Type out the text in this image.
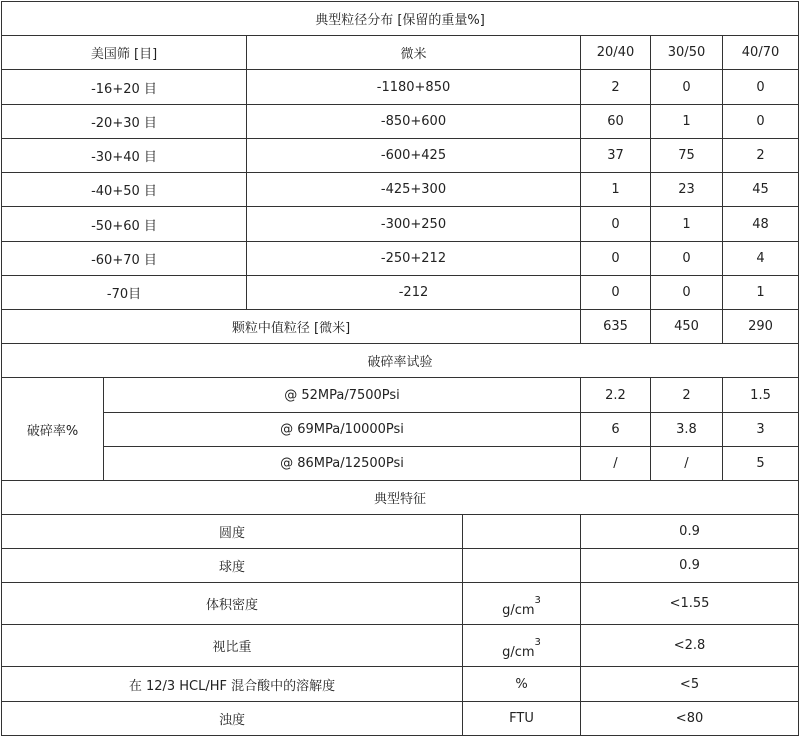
典型粒径分布 [保留的重量%]						
美国筛 [目]		微米		20/40	30/50	40/70
-16+20 目		-1180+850		2	0	0
-20+30 目		-850+600		60	1	0
-30+40 目		-600+425		37	75	2
-40+50 目		-425+300		1	23	45
-50+60 目		-300+250		0	1	48
-60+70 目		-250+212		0	0	4
-70目		-212		0	0	1
颗粒中值粒径 [微米]				635	450	290
破碎率试验						
破碎率%	@ 52MPa/7500Psi			2.2	2	1.5
	@ 69MPa/10000Psi			6	3.8	3
	@ 86MPa/12500Psi			/	/	5
典型特征						
圆度				0.9		
球度				0.9		
体积密度			$g/cm^3$	<1.55		
视比重			$g/cm^3$	<2.8		
在 12/3 HCL/HF 混合酸中的溶解度			%	<5		
浊度			FTU	<80		
